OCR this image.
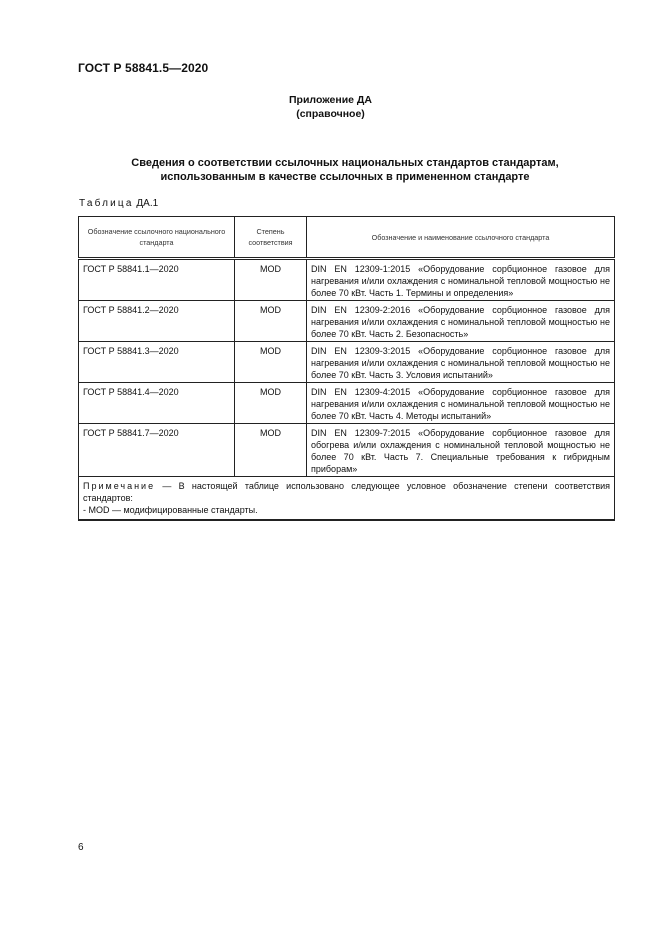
ГОСТ Р 58841.5—2020
Приложение ДА
(справочное)
Сведения о соответствии ссылочных национальных стандартов стандартам,
использованным в качестве ссылочных в примененном стандарте
Таблица ДА.1
Обозначение ссылочного национального стандарта	Степень соответствия	Обозначение и наименование ссылочного стандарта
ГОСТ Р 58841.1—2020	MOD	DIN EN 12309-1:2015 «Оборудование сорбционное газовое для нагревания и/или охлаждения с номинальной тепловой мощностью не более 70 кВт. Часть 1. Термины и определения»
ГОСТ Р 58841.2—2020	MOD	DIN EN 12309-2:2016 «Оборудование сорбционное газовое для нагревания и/или охлаждения с номинальной тепловой мощностью не более 70 кВт. Часть 2. Безопасность»
ГОСТ Р 58841.3—2020	MOD	DIN EN 12309-3:2015 «Оборудование сорбционное газовое для нагревания и/или охлаждения с номинальной тепловой мощностью не более 70 кВт. Часть 3. Условия испытаний»
ГОСТ Р 58841.4—2020	MOD	DIN EN 12309-4:2015 «Оборудование сорбционное газовое для нагревания и/или охлаждения с номинальной тепловой мощностью не более 70 кВт. Часть 4. Методы испытаний»
ГОСТ Р 58841.7—2020	MOD	DIN EN 12309-7:2015 «Оборудование сорбционное газовое для обогрева и/или охлаждения с номинальной тепловой мощностью не более 70 кВт. Часть 7. Специальные требования к гибридным приборам»

Примечание — В настоящей таблице использовано следующее условное обозначение степени соответствия стандартов:
- MOD — модифицированные стандарты.		
6
